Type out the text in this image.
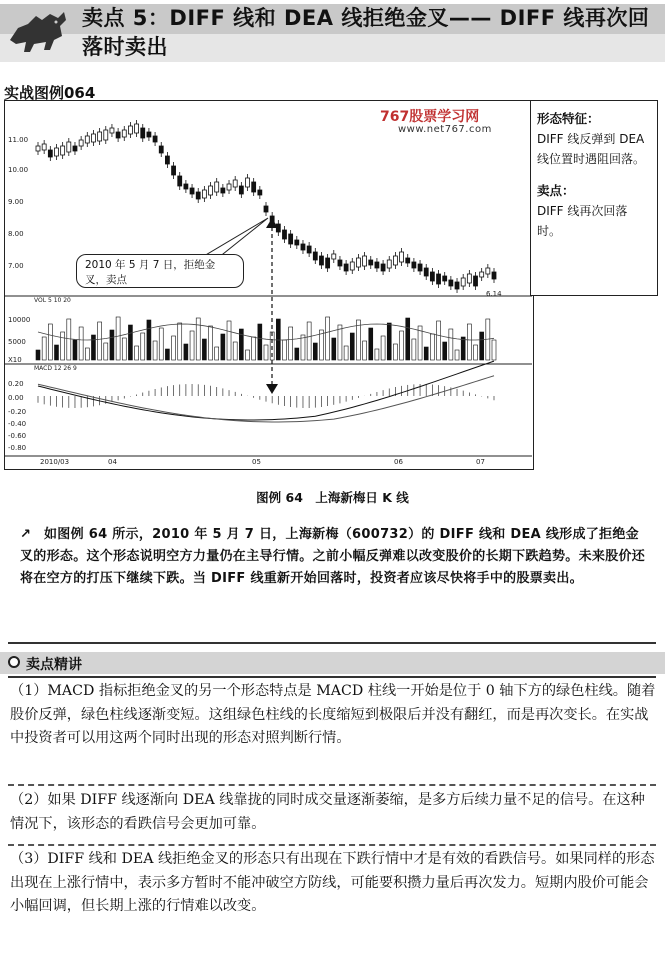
卖点 5：DIFF 线和 DEA 线拒绝金叉—— DIFF 线再次回落时卖出
实战图例064
11.00
10.00
9.00
8.00
7.00
10000
5000
X10
0.20
0.00
-0.20
-0.40
-0.60
-0.80
2010/03	04	05	06	07
VOL 5 10 20
MACD 12 26 9
6.14
767股票学习网
www.net767.com
2010 年 5 月 7 日，拒绝金叉，卖点

形态特征：

DIFF 线反弹到 DEA 线位置时遇阻回落。

卖点：

DIFF 线再次回落时。

图例 64　上海新梅日 K 线
↗ 如图例 64 所示，2010 年 5 月 7 日，上海新梅（600732）的 DIFF 线和 DEA 线形成了拒绝金叉的形态。这个形态说明空方力量仍在主导行情。之前小幅反弹难以改变股价的长期下跌趋势。未来股价还将在空方的打压下继续下跌。当 DIFF 线重新开始回落时，投资者应该尽快将手中的股票卖出。
卖点精讲
（1）MACD 指标拒绝金叉的另一个形态特点是 MACD 柱线一开始是位于 0 轴下方的绿色柱线。随着股价反弹，绿色柱线逐渐变短。这组绿色柱线的长度缩短到极限后并没有翻红，而是再次变长。在实战中投资者可以用这两个同时出现的形态对照判断行情。
（2）如果 DIFF 线逐渐向 DEA 线靠拢的同时成交量逐渐萎缩，是多方后续力量不足的信号。在这种情况下，该形态的看跌信号会更加可靠。
（3）DIFF 线和 DEA 线拒绝金叉的形态只有出现在下跌行情中才是有效的看跌信号。如果同样的形态出现在上涨行情中，表示多方暂时不能冲破空方防线，可能要积攒力量后再次发力。短期内股价可能会小幅回调，但长期上涨的行情难以改变。
